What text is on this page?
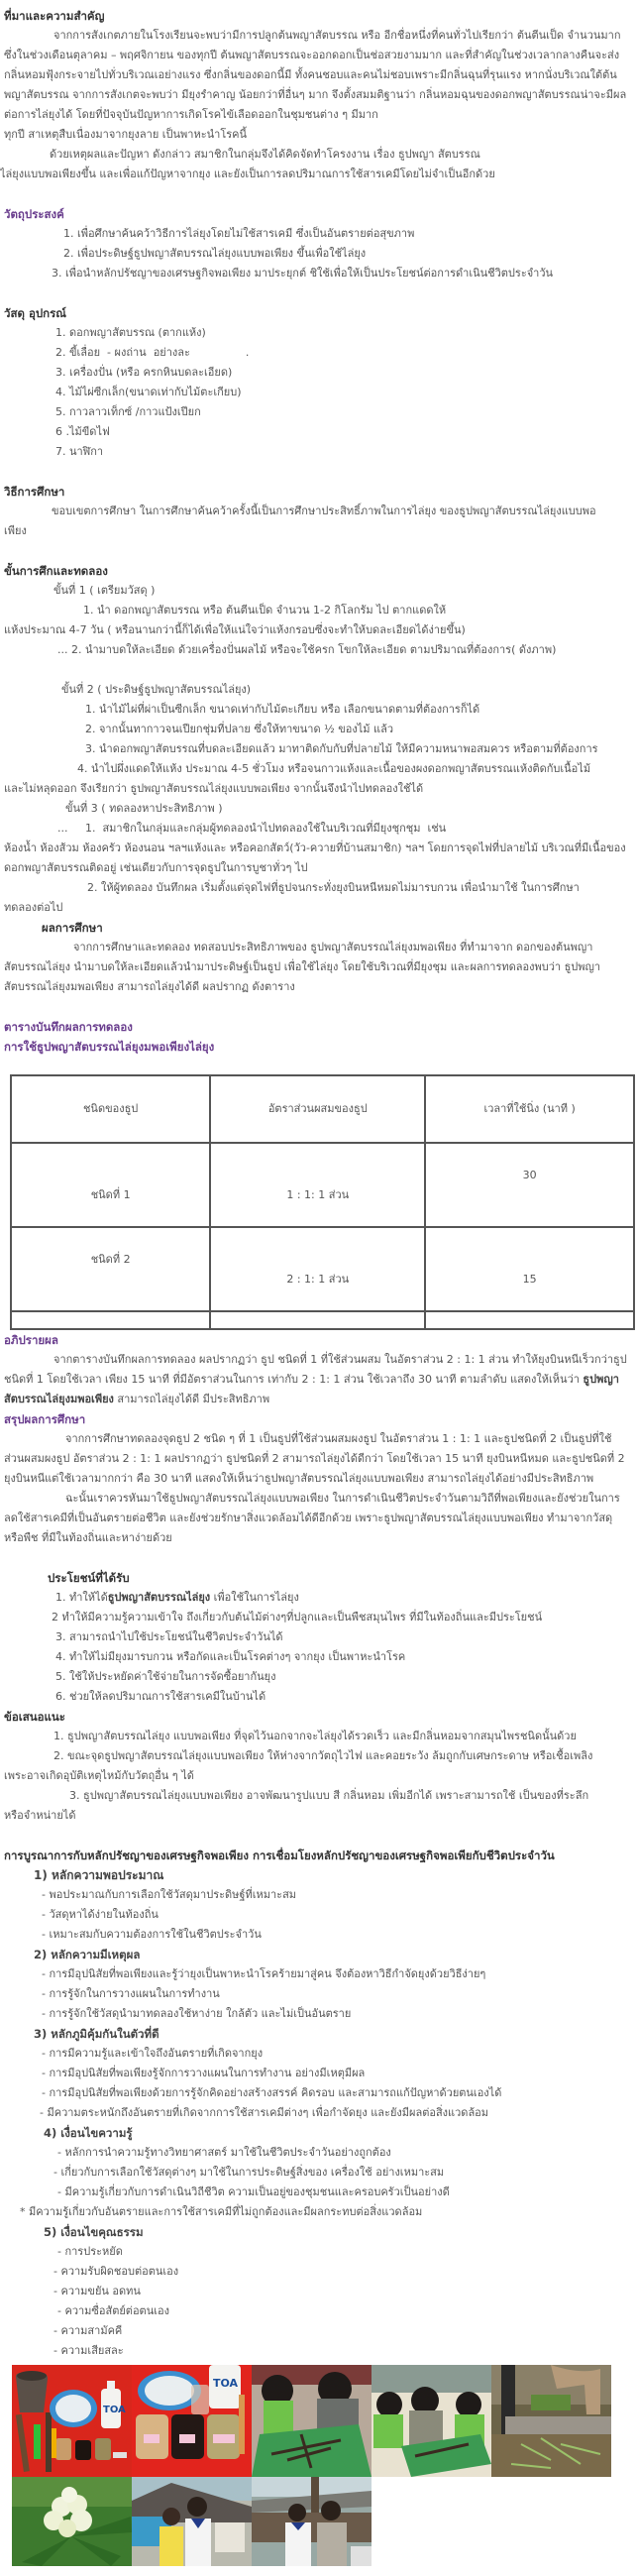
ที่มาและความสำคัญ

จากการสังเกตภายในโรงเรียนจะพบว่ามีการปลูกต้นพญาสัตบรรณ หรือ อีกชื่อหนึ่งที่คนทั่วไปเรียกว่า ต้นตีนเป็ด จำนวนมาก ซึ่งในช่วงเดือนตุลาคม – พฤศจิกายน ของทุกปี ต้นพญาสัตบรรณจะออกดอกเป็นช่อสวยงามมาก และที่สำคัญในช่วงเวลากลางคืนจะส่งกลิ่นหอมฟุ้งกระจายไปทั่วบริเวณเอย่างแรง ซึ่งกลิ่นของดอกนี้มี ทั้งคนชอบและคนไม่ชอบเพราะมีกลิ่นฉุนที่รุนแรง หากนั่งบริเวณใต้ต้นพญาสัตบรรณ จากการสังเกตจะพบว่า มียุงรำคาญ น้อยกว่าที่อื่นๆ มาก จึงตั้งสมมติฐานว่า กลิ่นหอมฉุนของดอกพญาสัตบรรณน่าจะมีผลต่อการไล่ยุงได้ โดยที่ปัจจุบันปัญหาการเกิดโรคไข้เลือดออกในชุมชนต่าง ๆ มีมาก

ทุกปี สาเหตุสืบเนื่องมาจากยุงลาย เป็นพาหะนำโรคนี้

ด้วยเหตุผลและปัญหา ดังกล่าว สมาชิกในกลุ่มจึงได้คิดจัดทำโครงงาน เรื่อง ธูปพญา สัตบรรณ

ไล่ยุงแบบพอเพียงขึ้น และเพื่อแก้ปัญหาจากยุง และยังเป็นการลดปริมาณการใช้สารเคมีโดยไม่จำเป็นอีกด้วย

วัตถุประสงค์

1. เพื่อศึกษาค้นคว้าวิธีการไล่ยุงโดยไม่ใช้สารเคมี ซึ่งเป็นอันตรายต่อสุขภาพ

2. เพื่อประดิษฐ์ธูปพญาสัตบรรณไล่ยุงแบบพอเพียง ขึ้นเพื่อใช้ไล่ยุง

3. เพื่อนำหลักปรัชญาของเศรษฐกิจพอเพียง มาประยุกต์ ชิใช้เพื่อให้เป็นประโยชน์ต่อการดำเนินชีวิตประจำวัน

วัสดุ อุปกรณ์

1. ดอกพญาสัตบรรณ (ตากแห้ง)

2. ขี้เลื่อย  - ผงถ่าน  อย่างละ                .

3. เครื่องปั่น (หรือ ครกหินบดละเอียด)

4. ไม้ไผ่ซีกเล็ก(ขนาดเท่ากับไม้ตะเกียบ)

5. กาวลาวเท็กซ์ /กาวแป้งเปียก

6 .ไม้ขีดไฟ

7. นาฬิกา

วิธีการศึกษา

ขอบเขตการศึกษา ในการศึกษาค้นคว้าครั้งนี้เป็นการศึกษาประสิทธิ์ภาพในการไล่ยุง ของธูปพญาสัตบรรณไล่ยุงแบบพอ

เพียง

ขั้นการศึกและทดลอง

ขั้นที่ 1 ( เตรียมวัสดุ )

1. นำ ดอกพญาสัตบรรณ หรือ ต้นตีนเป็ด จำนวน 1-2 กิโลกรัม ไป ตากแดดให้

แห้งประมาณ 4-7 วัน ( หรือนานกว่านี้ก็ได้เพื่อให้แน่ใจว่าแห้งกรอบซึ่งจะทำให้บดละเอียดได้ง่ายขึ้น)

... 2. นำมาบดให้ละเอียด ด้วยเครื่องปั่นผลไม้ หรือจะใช้ครก โขกให้ละเอียด ตามปริมาณที่ต้องการ( ดังภาพ)

ขั้นที่ 2 ( ประดิษฐ์ธูปพญาสัตบรรณไล่ยุง)

1. นำไม้ไผ่ที่ผ่าเป็นซีกเล็ก ขนาดเท่ากับไม้ตะเกียบ หรือ เลือกขนาดตามที่ต้องการก็ได้

2. จากนั้นทากาวจนเปียกชุ่มที่ปลาย ซึ่งให้ทาขนาด ½ ของไม้ แล้ว

3. นำดอกพญาสัตบรรณที่บดละเอียดแล้ว มาทาติดกับกับที่ปลายไม้ ให้มีความหนาพอสมควร หรือตามที่ต้องการ

4. นำไปผึ่งแดดให้แห้ง ประมาณ 4-5 ชั่วโมง หรือจนกาวแห้งและเนื้อของผงดอกพญาสัตบรรณแห้งติดกับเนื้อไม้

และไม่หลุดออก จึงเรียกว่า ธูปพญาสัตบรรณไล่ยุงแบบพอเพียง จากนั้นจึงนำไปทดลองใช้ได้

ขั้นที่ 3 ( ทดลองหาประสิทธิภาพ )

...     1.  สมาชิกในกลุ่มและกลุ่มผู้ทดลองนำไปทดลองใช้ในบริเวณที่มียุงชุกชุม  เช่น

ห้องน้ำ ห้องส้วม ห้องครัว ห้องนอน ฯลฯแห้งและ หรือคอกสัตว์(วัว-ควายที่บ้านสมาชิก) ฯลฯ โดยการจุดไฟที่ปลายไม้ บริเวณที่มีเนื้อของดอกพญาสัตบรรณติดอยู่ เช่นเดียวกับการจุดธูปในการบูชาทั่วๆ ไป

2. ให้ผู้ทดลอง บันทึกผล เริ่มตั้งแต่จุดไฟที่ธูปจนกระทั่งยุงบินหนีหมดไม่มารบกวน เพื่อนำมาใช้ ในการศึกษา

ทดลองต่อไป

ผลการศึกษา

จากการศึกษาและทดลอง ทดสอบประสิทธิภาพของ ธูปพญาสัตบรรณไล่ยุงมพอเพียง ที่ทำมาจาก ดอกของต้นพญาสัตบรรณไล่ยุง นำมาบดให้ละเอียดแล้วนำมาประดิษฐ์เป็นธูป เพื่อใช้ไล่ยุง โดยใช้บริเวณที่มียุงชุม และผลการทดลองพบว่า ธูปพญาสัตบรรณไล่ยุงมพอเพียง สามารถไล่ยุงได้ดี ผลปรากฏ ดังตาราง

ตารางบันทึกผลการทดลอง

การใช้ธูปพญาสัตบรรณไล่ยุงมพอเพียงไล่ยุง

ชนิดของธูป	อัตราส่วนผสมของธูป	เวลาที่ใช้นิ่ง (นาที )
ชนิดที่ 1	1 : 1: 1 ส่วน	30
ชนิดที่ 2	2 : 1: 1 ส่วน	15

อภิปรายผล

จากตารางบันทึกผลการทดลอง ผลปรากฏว่า ธูป ชนิดที่ 1 ที่ใช้ส่วนผสม ในอัตราส่วน 2 : 1: 1 ส่วน ทำให้ยุงบินหนีเร็วกว่าธูป ชนิดที่ 1 โดยใช้เวลา เพียง 15 นาที ที่มีอัตราส่วนในการ เท่ากับ 2 : 1: 1 ส่วน ใช้เวลาถึง 30 นาที ตามลำดับ แสดงให้เห็นว่า ธูปพญาสัตบรรณไล่ยุงมพอเพียง สามารถไล่ยุงได้ดี มีประสิทธิภาพ

สรุปผลการศึกษา

จากการศึกษาทดลองจุดธูป 2 ชนิด ๆ ที่ 1 เป็นธูปที่ใช้ส่วนผสมผงธูป ในอัตราส่วน 1 : 1: 1 และธูปชนิดที่ 2 เป็นธูปที่ใช้ส่วนผสมผงธูป อัตราส่วน 2 : 1: 1 ผลปรากฏว่า ธูปชนิดที่ 2 สามารถไล่ยุงได้ดีกว่า โดยใช้เวลา 15 นาที ยุงบินหนีหมด และธูปชนิดที่ 2 ยุงบินหนีแต่ใช้เวลามากกว่า คือ 30 นาที แสดงให้เห็นว่าธูปพญาสัตบรรณไล่ยุงแบบพอเพียง สามารถไล่ยุงได้อย่างมีประสิทธิภาพ

ฉะนั้นเราควรหันมาใช้ธูปพญาสัตบรรณไล่ยุงแบบพอเพียง ในการดำเนินชีวิตประจำวันตามวิถีที่พอเพียงและยังช่วยในการลดใช้สารเคมีที่เป็นอันตรายต่อชีวิต และยังช่วยรักษาสิ่งแวดล้อมได้ดีอีกด้วย เพราะธูปพญาสัตบรรณไล่ยุงแบบพอเพียง ทำมาจากวัสดุหรือพืช ที่มีในท้องถิ่นและหาง่ายด้วย

ประโยชน์ที่ได้รับ

1. ทำให้ได้ธูปพญาสัตบรรณไล่ยุง เพื่อใช้ในการไล่ยุง

2 ทำให้มีความรู้ความเข้าใจ ถึงเกี่ยวกับต้นไม้ต่างๆที่ปลูกและเป็นพืชสมุนไพร ที่มีในท้องถิ่นและมีประโยชน์

3. สามารถนำไปใช้ประโยชน์ในชีวิตประจำวันได้

4. ทำให้ไม่มียุงมารบกวน หรือกัดและเป็นโรคต่างๆ จากยุง เป็นพาหะนำโรค

5. ใช้ให้ประหยัดค่าใช้จ่ายในการจัดซื้อยากันยุง

6. ช่วยให้ลดปริมาณการใช้สารเคมีในบ้านได้

ข้อเสนอแนะ

1. ธูปพญาสัตบรรณไล่ยุง แบบพอเพียง ที่จุดไว้นอกจากจะไล่ยุงได้รวดเร็ว และมีกลิ่นหอมจากสมุนไพรชนิดนั้นด้วย

2. ขณะจุดธูปพญาสัตบรรณไล่ยุงแบบพอเพียง ให้ห่างจากวัตถุไวไฟ และคอยระวัง ล้มถูกกับเศษกระดาษ หรือเชื้อเพลิง

เพระอาจเกิดอุบัติเหตุไหม้กับวัตถุอื่น ๆ ได้

3. ธูปพญาสัตบรรณไล่ยุงแบบพอเพียง อาจพัฒนารูปแบบ สี กลิ่นหอม เพิ่มอีกได้ เพราะสามารถใช้ เป็นของที่ระลึก

หรือจำหน่ายได้

การบูรณาการกับหลักปรัชญาของเศรษฐกิจพอเพียง การเชื่อมโยงหลักปรัชญาของเศรษฐกิจพอเพียกับชีวิตประจำวัน

1) หลักความพอประมาณ

- พอประมาณกับการเลือกใช้วัสดุมาประดิษฐ์ที่เหมาะสม

- วัสดุหาได้ง่ายในท้องถิ่น

- เหมาะสมกับความต้องการใช้ในชีวิตประจำวัน

2) หลักความมีเหตุผล

- การมีอุปนิสัยที่พอเพียงและรู้ว่ายุงเป็นพาหะนำโรคร้ายมาสู่คน จึงต้องหาวิธีกำจัดยุงด้วยวิธีง่ายๆ

- การรู้จักในการวางแผนในการทำงาน

- การรู้จักใช้วัสดุนำมาทดลองใช้หาง่าย ใกล้ตัว และไม่เป็นอันตราย

3) หลักภูมิคุ้มกันในตัวที่ดี

- การมีความรู้และเข้าใจถึงอันตรายที่เกิดจากยุง

- การมีอุปนิสัยที่พอเพียงรู้จักการวางแผนในการทำงาน อย่างมีเหตุมีผล

- การมีอุปนิสัยที่พอเพียงด้วยการรู้จักคิดอย่างสร้างสรรค์ คิดรอบ และสามารถแก้ปัญหาด้วยตนเองได้

- มีความตระหนักถึงอันตรายที่เกิดจากการใช้สารเคมีต่างๆ เพื่อกำจัดยุง และยังมีผลต่อสิ่งแวดล้อม

4) เงื่อนไขความรู้

- หลักการนำความรู้ทางวิทยาศาสตร์ มาใช้ในชีวิตประจำวันอย่างถูกต้อง

- เกี่ยวกับการเลือกใช้วัสดุต่างๆ มาใช้ในการประดิษฐ์สิ่งของ เครื่องใช้ อย่างเหมาะสม

- มีความรู้เกี่ยวกับการดำเนินวิถีชีวิต ความเป็นอยู่ของชุมชนและครอบครัวเป็นอย่างดี

* มีความรู้เกี่ยวกับอันตรายและการใช้สารเคมีที่ไม่ถูกต้องและมีผลกระทบต่อสิ่งแวดล้อม

5) เงื่อนไขคุณธรรม

- การประหยัด

- ความรับผิดชอบต่อตนเอง

- ความขยัน อดทน

- ความซื่อสัตย์ต่อตนเอง

- ความสามัคคี

- ความเสียสละ

TOA
TOA
